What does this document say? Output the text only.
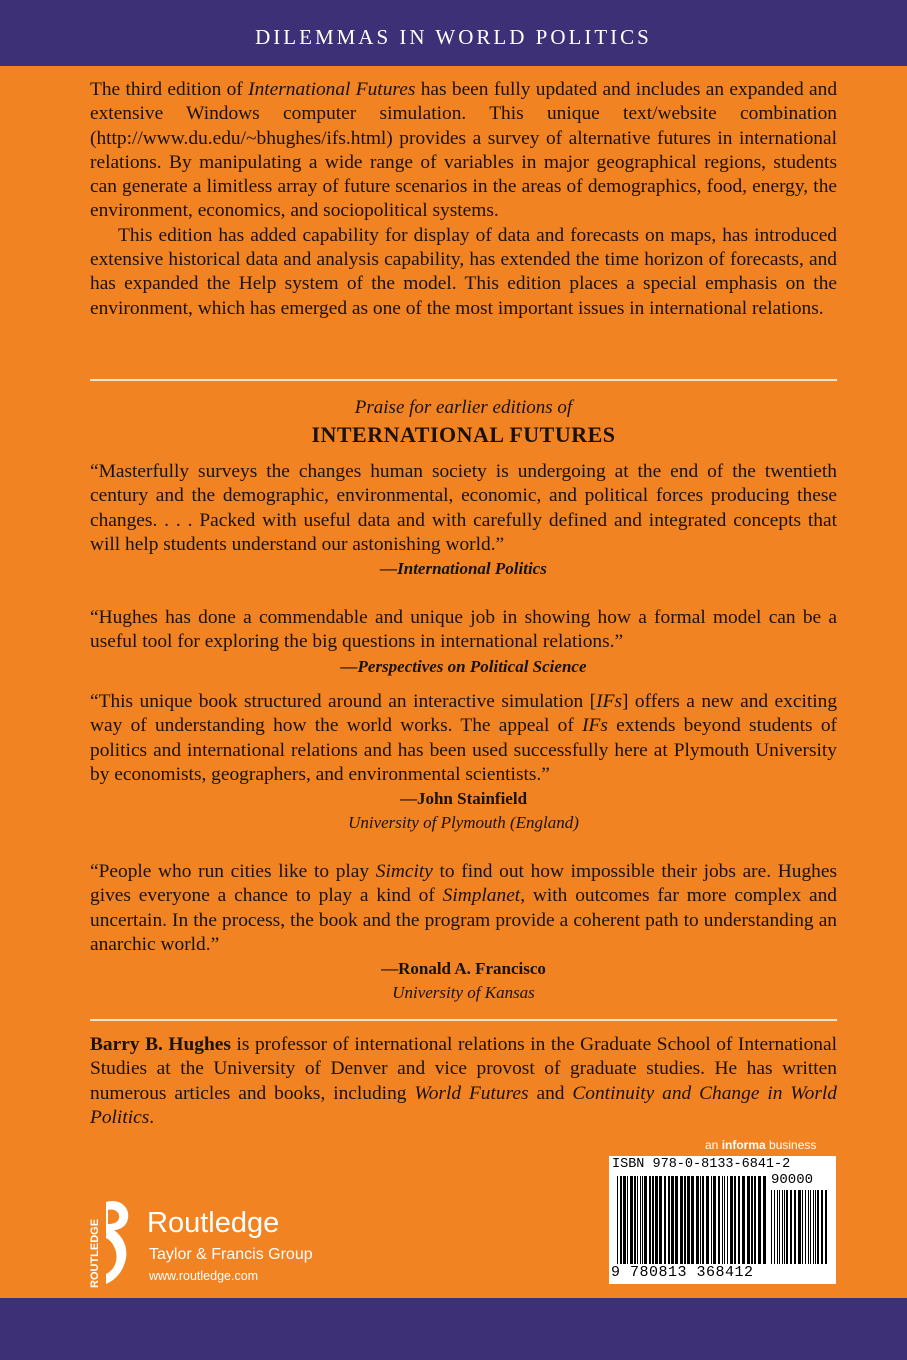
DILEMMAS IN WORLD POLITICS

The third edition of International Futures has been fully updated and includes an expanded and extensive Windows computer simulation. This unique text/website combination (http://www.du.edu/~bhughes/ifs.html) provides a survey of alternative futures in international relations. By manipulating a wide range of variables in major geographical regions, students can generate a limitless array of future scenarios in the areas of demographics, food, energy, the environment, economics, and sociopolitical systems.

This edition has added capability for display of data and forecasts on maps, has introduced extensive historical data and analysis capability, has extended the time horizon of forecasts, and has expanded the Help system of the model. This edition places a special emphasis on the environment, which has emerged as one of the most important issues in international relations.

Praise for earlier editions of
INTERNATIONAL FUTURES

“Masterfully surveys the changes human society is undergoing at the end of the twentieth century and the demographic, environmental, economic, and political forces producing these changes. . . . Packed with useful data and with carefully defined and integrated concepts that will help students understand our astonishing world.”

—International Politics

“Hughes has done a commendable and unique job in showing how a formal model can be a useful tool for exploring the big questions in international relations.”

—Perspectives on Political Science

“This unique book structured around an interactive simulation [IFs] offers a new and exciting way of understanding how the world works. The appeal of IFs extends beyond students of politics and international relations and has been used successfully here at Plymouth University by economists, geographers, and environmental scientists.”

—John Stainfield
University of Plymouth (England)

“People who run cities like to play Simcity to find out how impossible their jobs are. Hughes gives everyone a chance to play a kind of Simplanet, with outcomes far more complex and uncertain. In the process, the book and the program provide a coherent path to understanding an anarchic world.”

—Ronald A. Francisco
University of Kansas

Barry B. Hughes is professor of international relations in the Graduate School of International Studies at the University of Denver and vice provost of graduate studies. He has written numerous articles and books, including World Futures and Continuity and Change in World Politics.

an informa business
ISBN 978-0-8133-6841-2
90000
9 780813 368412
ROUTLEDGE Routledge
Taylor & Francis Group
www.routledge.com
